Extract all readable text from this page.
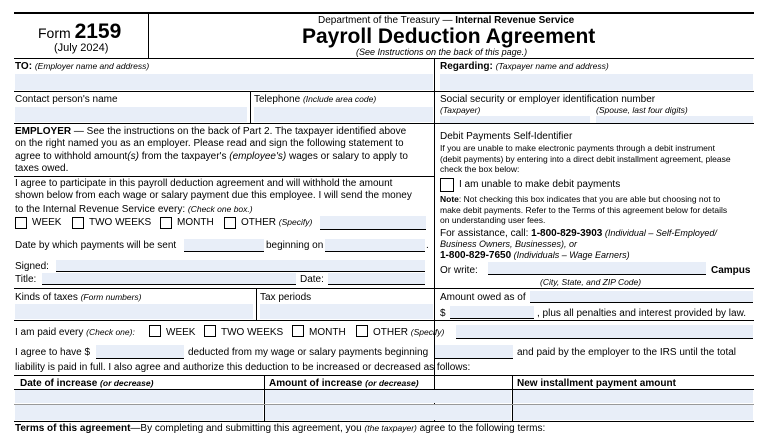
Form 2159
(July 2024)
Department of the Treasury — Internal Revenue Service
Payroll Deduction Agreement
(See Instructions on the back of this page.)
TO: (Employer name and address)	Regarding: (Taxpayer name and address)
Contact person's name	Telephone (Include area code)	Social security or employer identification number
(Taxpayer)	(Spouse, last four digits)
EMPLOYER — See the instructions on the back of Part 2. The taxpayer identified above
on the right named you as an employer. Please read and sign the following statement to
agree to withhold amount(s) from the taxpayer's (employee's) wages or salary to apply to
taxes owed.
I agree to participate in this payroll deduction agreement and will withhold the amount
shown below from each wage or salary payment due this employee. I will send the money
to the Internal Revenue Service every: (Check one box.)
WEEK	TWO WEEKS	MONTH	OTHER (Specify)
Date by which payments will be sent	beginning on	.
Signed:
Title:	Date:
Debit Payments Self-Identifier
If you are unable to make electronic payments through a debit instrument
(debit payments) by entering into a direct debit installment agreement, please
check the box below:
I am unable to make debit payments
Note: Not checking this box indicates that you are able but choosing not to
make debit payments. Refer to the Terms of this agreement below for details
on understanding user fees.
For assistance, call: 1-800-829-3903 (Individual – Self-Employed/
Business Owners, Businesses), or
1-800-829-7650 (Individuals – Wage Earners)
Or write:	Campus
(City, State, and ZIP Code)
Kinds of taxes (Form numbers)	Tax periods	Amount owed as of
$	, plus all penalties and interest provided by law.
I am paid every (Check one):	WEEK	TWO WEEKS	MONTH	OTHER (Specify)
I agree to have $	deducted from my wage or salary payments beginning	and paid by the employer to the IRS until the total
liability is paid in full. I also agree and authorize this deduction to be increased or decreased as follows:
Date of increase (or decrease)	Amount of increase (or decrease)	New installment payment amount
Terms of this agreement—By completing and submitting this agreement, you (the taxpayer) agree to the following terms:
